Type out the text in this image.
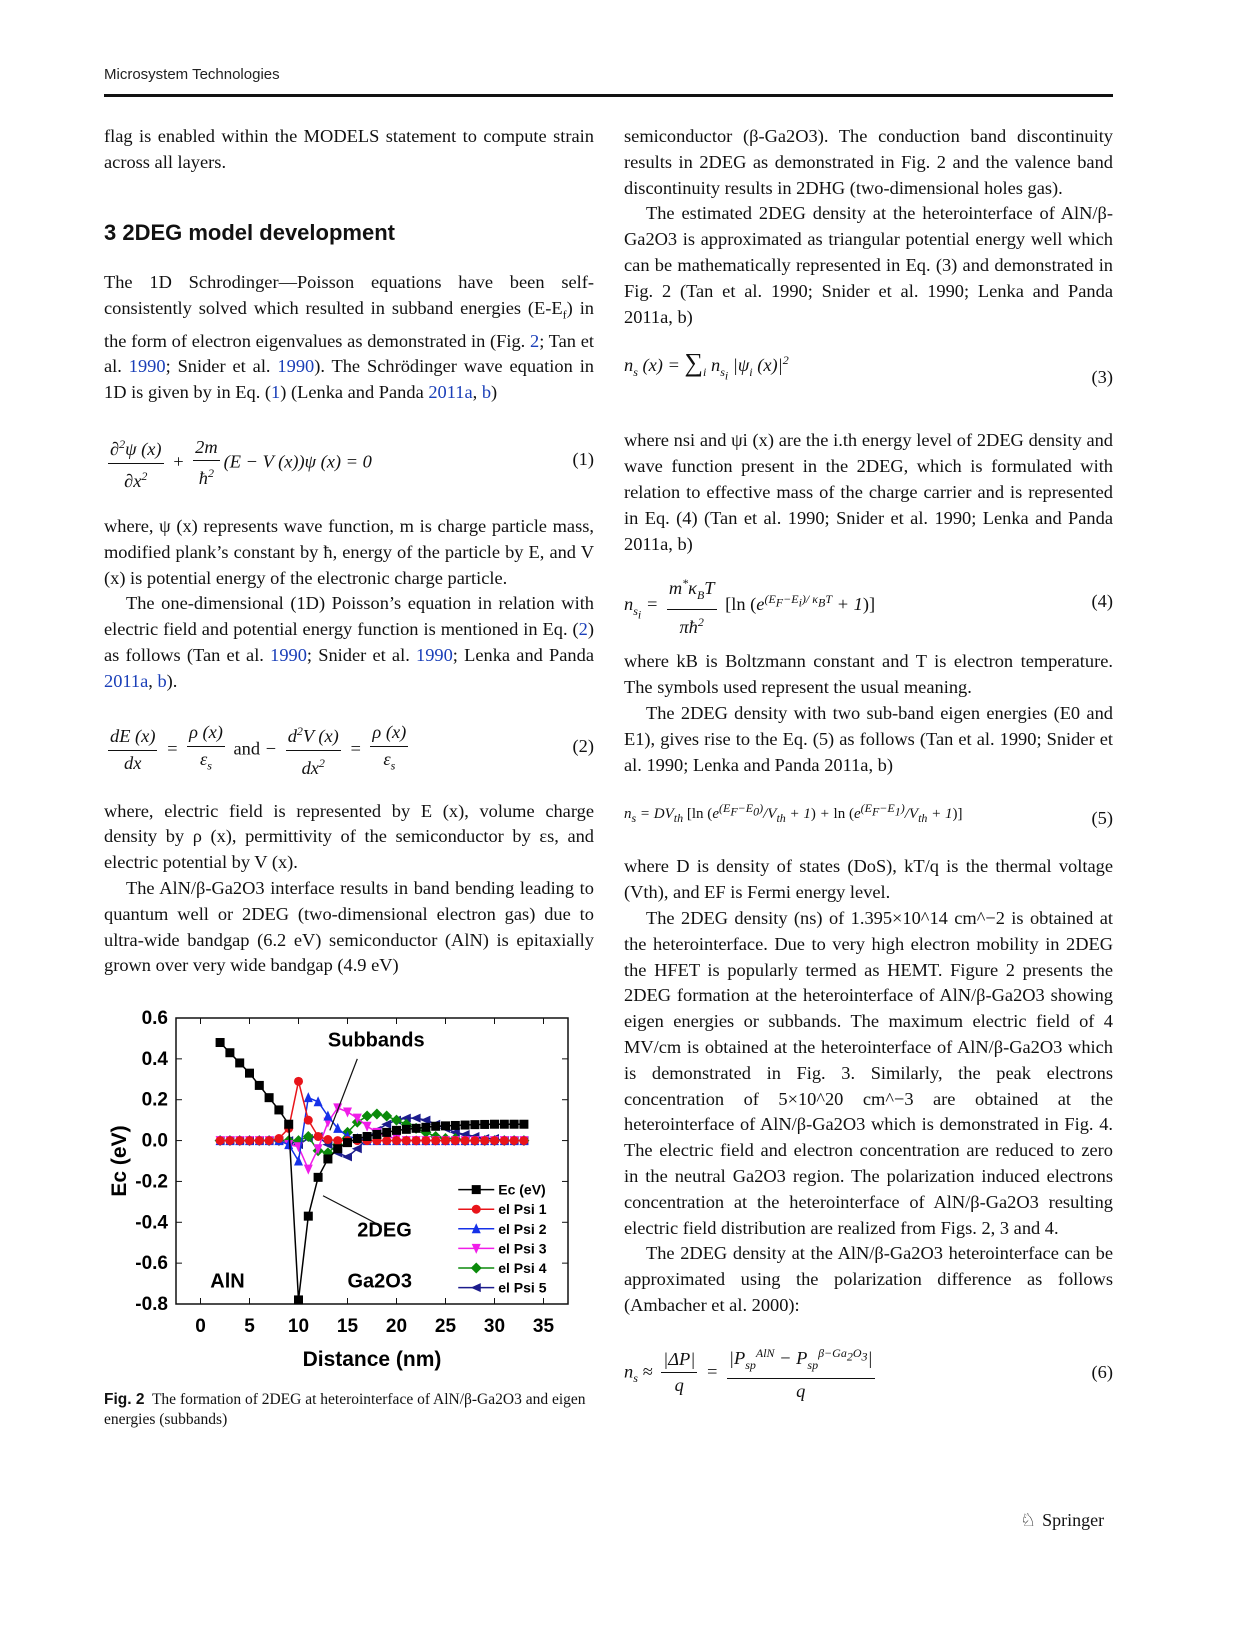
Microsystem Technologies

flag is enabled within the MODELS statement to compute strain across all layers.

3 2DEG model development

The 1D Schrodinger—Poisson equations have been self-consistently solved which resulted in subband energies $(E-E_f)$ in the form of electron eigenvalues as demonstrated in (Fig. 2; Tan et al. 1990; Snider et al. 1990). The Schrödinger wave equation in 1D is given by in Eq. (1) (Lenka and Panda 2011a, b)

$\frac{\partial^2\psi (x)}{\partial x^2} + \frac{2m}{ħ^2} (E - V$ (x))ψ (x) = 0	(1)

where, ψ (x) represents wave function, m is charge particle mass, modified plank’s constant by ħ, energy of the particle by E, and V (x) is potential energy of the electronic charge particle.

The one-dimensional (1D) Poisson’s equation in relation with electric field and potential energy function is mentioned in Eq. (2) as follows (Tan et al. 1990; Snider et al. 1990; Lenka and Panda 2011a, b).

$\frac{dE (x)}{dx} = \frac{\rho (x)}{\varepsilon_s}$ and − $\frac{d^2V (x)}{dx^2} = \frac{\rho (x)}{\varepsilon_s}$	(2)

where, electric field is represented by E (x), volume charge density by ρ (x), permittivity of the semiconductor by εs, and electric potential by V (x).

The AlN/β-Ga2O3 interface results in band bending leading to quantum well or 2DEG (two-dimensional electron gas) due to ultra-wide bandgap (6.2 eV) semiconductor (AlN) is epitaxially grown over very wide bandgap (4.9 eV)

0.6
0.4
0.2
0.0
-0.2
-0.4
-0.6
-0.8
0 5 10 15 20 25 30 35
Distance (nm)
Ec (eV)
Subbands
2DEG
AlN	Ga2O3
Ec (eV)
el Psi 1
el Psi 2
el Psi 3
el Psi 4
el Psi 5
Fig. 2 The formation of 2DEG at heterointerface of AlN/β-Ga2O3 and eigen energies (subbands)

semiconductor (β-Ga2O3). The conduction band discontinuity results in 2DEG as demonstrated in Fig. 2 and the valence band discontinuity results in 2DHG (two-dimensional holes gas).

The estimated 2DEG density at the heterointerface of AlN/β-Ga2O3 is approximated as triangular potential energy well which can be mathematically represented in Eq. (3) and demonstrated in Fig. 2 (Tan et al. 1990; Snider et al. 1990; Lenka and Panda 2011a, b)

$n_s$ $(x) = \sum_i$ $n_{s_i}$ $|\psi_i$ $(x)|^2$
(3)

where nsi and ψi (x) are the i.th energy level of 2DEG density and wave function present in the 2DEG, which is formulated with relation to effective mass of the charge carrier and is represented in Eq. (4) (Tan et al. 1990; Snider et al. 1990; Lenka and Panda 2011a, b)

$n_{s_i} = \frac{m^*\kappa_BT}{\pi ħ^2} [\ln$ $(e^{(E_F-E_i)/ \kappa_BT} + 1)$]	(4)

where kB is Boltzmann constant and T is electron temperature. The symbols used represent the usual meaning.

The 2DEG density with two sub-band eigen energies (E0 and E1), gives rise to the Eq. (5) as follows (Tan et al. 1990; Snider et al. 1990; Lenka and Panda 2011a, b)

$n_s = DV_{th}$ [ln $(e^{(E_F-E_0)}/V_{th} + 1) + \ln (e^{(E_F-E_1)}/V_{th} + 1)$]	(5)

where D is density of states (DoS), kT/q is the thermal voltage (Vth), and EF is Fermi energy level.

The 2DEG density (ns) of 1.395×10^14 cm^−2 is obtained at the heterointerface. Due to very high electron mobility in 2DEG the HFET is popularly termed as HEMT. Figure 2 presents the 2DEG formation at the heterointerface of AlN/β-Ga2O3 showing eigen energies or subbands. The maximum electric field of 4 MV/cm is obtained at the heterointerface of AlN/β-Ga2O3 which is demonstrated in Fig. 3. Similarly, the peak electrons concentration of 5×10^20 cm^−3 are obtained at the heterointerface of AlN/β-Ga2O3 which is demonstrated in Fig. 4. The electric field and electron concentration are reduced to zero in the neutral Ga2O3 region. The polarization induced electrons concentration at the heterointerface of AlN/β-Ga2O3 resulting electric field distribution are realized from Figs. 2, 3 and 4.

The 2DEG density at the AlN/β-Ga2O3 heterointerface can be approximated using the polarization difference as follows (Ambacher et al. 2000):

$n_s \approx \frac{|\Delta P|}{q} = \frac{|P_{sp}^{AlN} - P_{sp}^{\beta-Ga_2O_3}|}{q}$	(6)
♘ Springer
